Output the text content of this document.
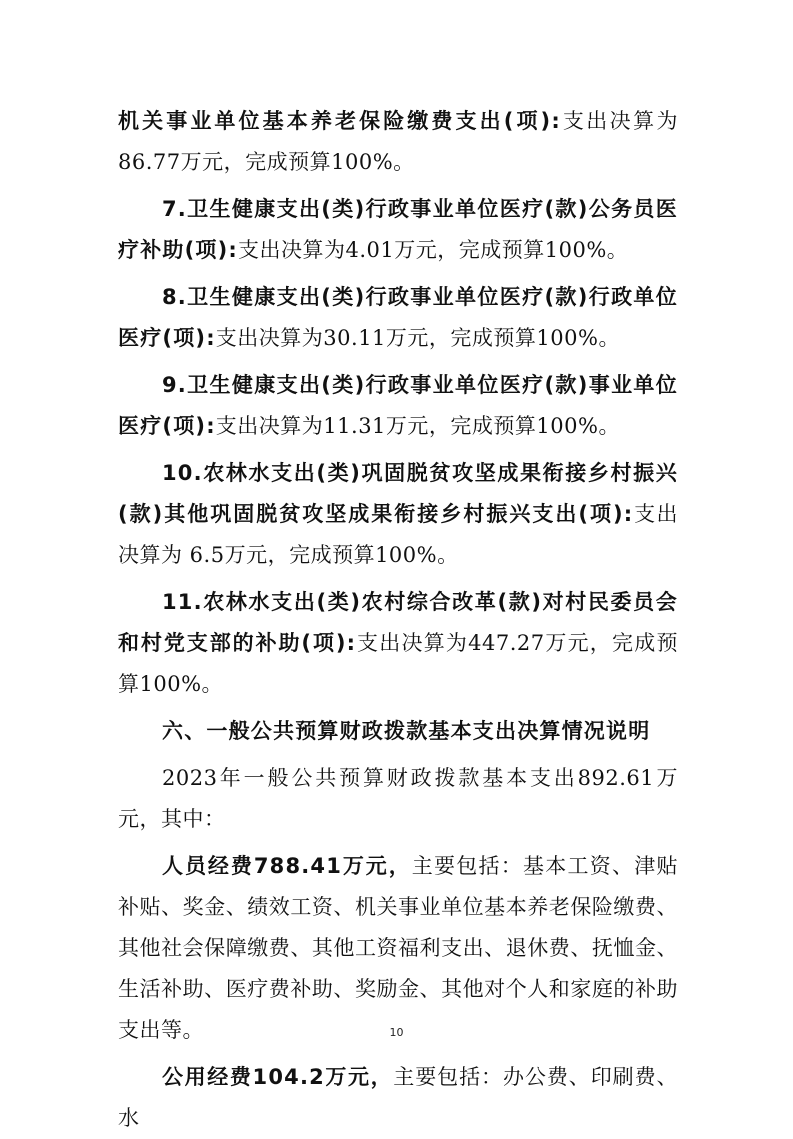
机关事业单位基本养老保险缴费支出(项):支出决算为86.77万元，完成预算100%。

7.卫生健康支出(类)行政事业单位医疗(款)公务员医疗补助(项):支出决算为4.01万元，完成预算100%。

8.卫生健康支出(类)行政事业单位医疗(款)行政单位医疗(项):支出决算为30.11万元，完成预算100%。

9.卫生健康支出(类)行政事业单位医疗(款)事业单位医疗(项):支出决算为11.31万元，完成预算100%。

10.农林水支出(类)巩固脱贫攻坚成果衔接乡村振兴(款)其他巩固脱贫攻坚成果衔接乡村振兴支出(项):支出决算为 6.5万元，完成预算100%。

11.农林水支出(类)农村综合改革(款)对村民委员会和村党支部的补助(项):支出决算为447.27万元，完成预算100%。

六、一般公共预算财政拨款基本支出决算情况说明

2023年一般公共预算财政拨款基本支出892.61万元，其中：

人员经费788.41万元，主要包括：基本工资、津贴补贴、奖金、绩效工资、机关事业单位基本养老保险缴费、其他社会保障缴费、其他工资福利支出、退休费、抚恤金、生活补助、医疗费补助、奖励金、其他对个人和家庭的补助支出等。

公用经费104.2万元，主要包括：办公费、印刷费、水

10
